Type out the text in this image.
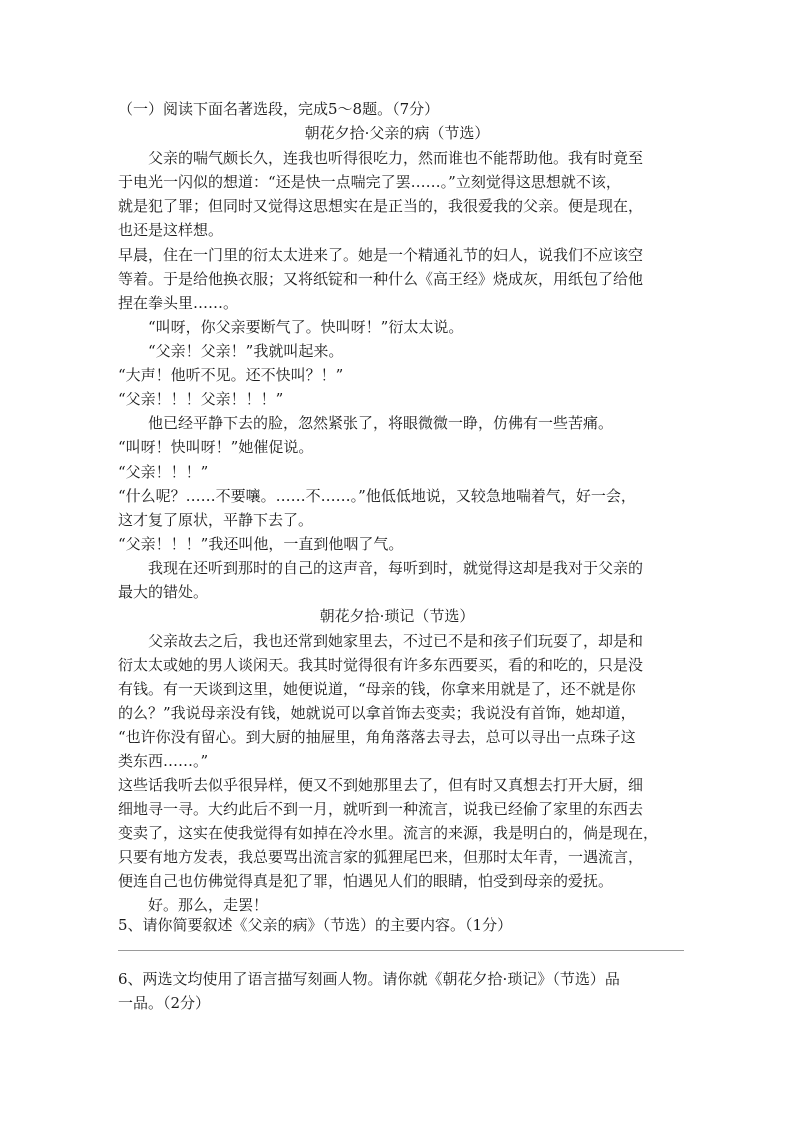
（一）阅读下面名著选段，完成5～8题。（7分）
朝花夕拾·父亲的病（节选）
父亲的喘气颇长久，连我也听得很吃力，然而谁也不能帮助他。我有时竟至
于电光一闪似的想道：“还是快一点喘完了罢……。”立刻觉得这思想就不该，
就是犯了罪；但同时又觉得这思想实在是正当的，我很爱我的父亲。便是现在，
也还是这样想。
早晨，住在一门里的衍太太进来了。她是一个精通礼节的妇人，说我们不应该空
等着。于是给他换衣服；又将纸锭和一种什么《高王经》烧成灰，用纸包了给他
捏在拳头里……。
“叫呀，你父亲要断气了。快叫呀！”衍太太说。
“父亲！父亲！”我就叫起来。
“大声！他听不见。还不快叫？！”
“父亲！！！父亲！！！”
他已经平静下去的脸，忽然紧张了，将眼微微一睁，仿佛有一些苦痛。
“叫呀！快叫呀！”她催促说。
“父亲！！！”
“什么呢？……不要嚷。……不……。”他低低地说，又较急地喘着气，好一会，
这才复了原状，平静下去了。
“父亲！！！”我还叫他，一直到他咽了气。
我现在还听到那时的自己的这声音，每听到时，就觉得这却是我对于父亲的
最大的错处。
朝花夕拾·琐记（节选）
父亲故去之后，我也还常到她家里去，不过已不是和孩子们玩耍了，却是和
衍太太或她的男人谈闲天。我其时觉得很有许多东西要买，看的和吃的，只是没
有钱。有一天谈到这里，她便说道，“母亲的钱，你拿来用就是了，还不就是你
的么？”我说母亲没有钱，她就说可以拿首饰去变卖；我说没有首饰，她却道，
“也许你没有留心。到大厨的抽屉里，角角落落去寻去，总可以寻出一点珠子这
类东西……。”
这些话我听去似乎很异样，便又不到她那里去了，但有时又真想去打开大厨，细
细地寻一寻。大约此后不到一月，就听到一种流言，说我已经偷了家里的东西去
变卖了，这实在使我觉得有如掉在冷水里。流言的来源，我是明白的，倘是现在，
只要有地方发表，我总要骂出流言家的狐狸尾巴来，但那时太年青，一遇流言，
便连自己也仿佛觉得真是犯了罪，怕遇见人们的眼睛，怕受到母亲的爱抚。
好。那么，走罢！
5、请你简要叙述《父亲的病》（节选）的主要内容。（1分）
6、两选文均使用了语言描写刻画人物。请你就《朝花夕拾·琐记》（节选）品
一品。（2分）
